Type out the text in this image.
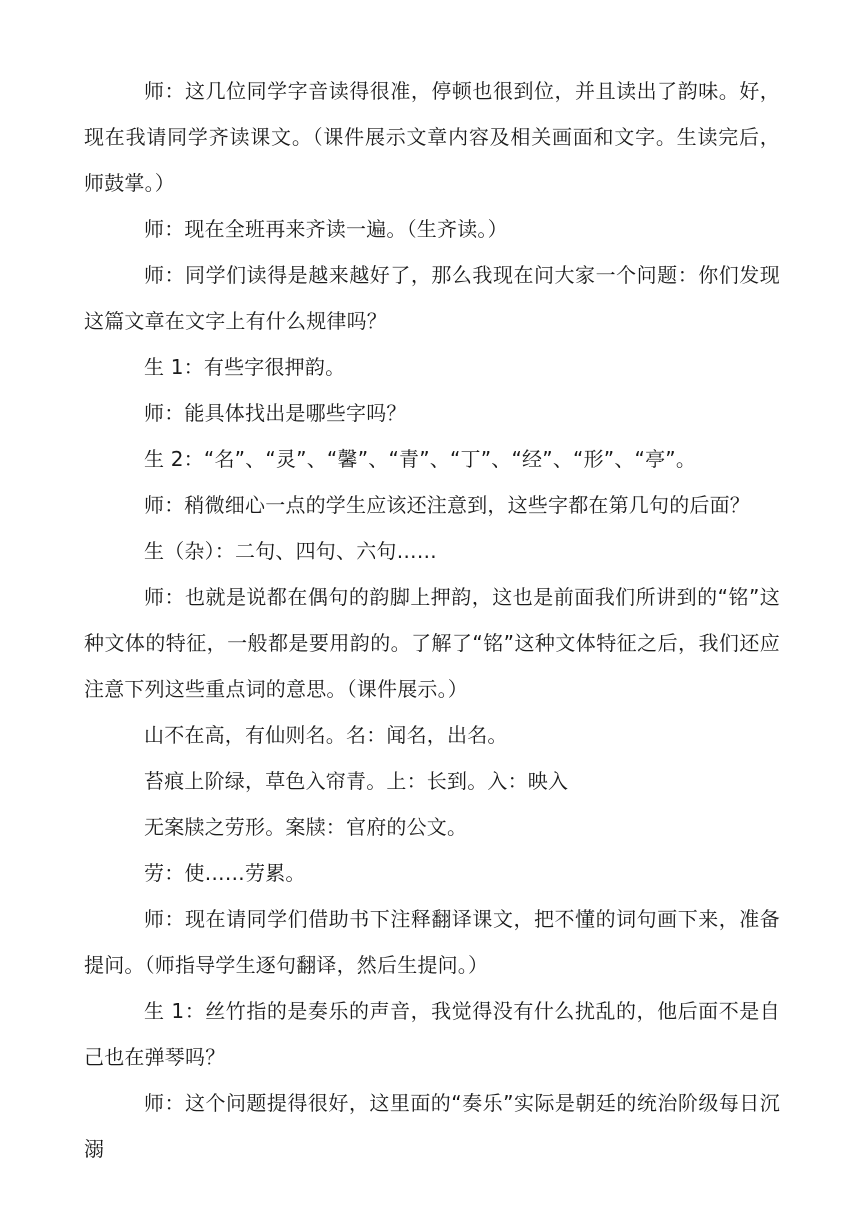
师：这几位同学字音读得很准，停顿也很到位，并且读出了韵味。好，现在我请同学齐读课文。（课件展示文章内容及相关画面和文字。生读完后，师鼓掌。）

师：现在全班再来齐读一遍。（生齐读。）

师：同学们读得是越来越好了，那么我现在问大家一个问题：你们发现这篇文章在文字上有什么规律吗？

生 1：有些字很押韵。

师：能具体找出是哪些字吗？

生 2：“名”、“灵”、“馨”、“青”、“丁”、“经”、“形”、“亭”。

师：稍微细心一点的学生应该还注意到，这些字都在第几句的后面？

生（杂）：二句、四句、六句……

师：也就是说都在偶句的韵脚上押韵，这也是前面我们所讲到的“铭”这种文体的特征，一般都是要用韵的。了解了“铭”这种文体特征之后，我们还应注意下列这些重点词的意思。（课件展示。）

山不在高，有仙则名。名：闻名，出名。

苔痕上阶绿，草色入帘青。上：长到。入：映入

无案牍之劳形。案牍：官府的公文。

劳：使……劳累。

师：现在请同学们借助书下注释翻译课文，把不懂的词句画下来，准备提问。（师指导学生逐句翻译，然后生提问。）

生 1：丝竹指的是奏乐的声音，我觉得没有什么扰乱的，他后面不是自己也在弹琴吗？

师：这个问题提得很好，这里面的“奏乐”实际是朝廷的统治阶级每日沉溺
